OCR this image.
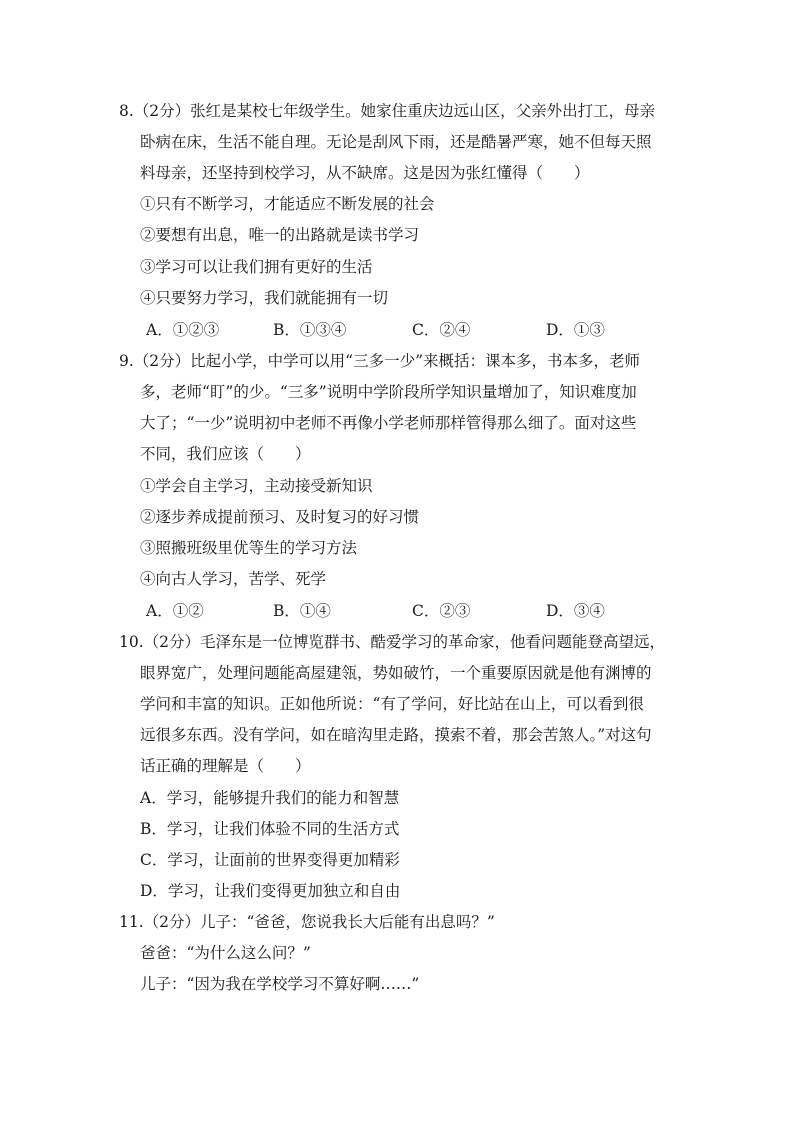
8.（2分）张红是某校七年级学生。她家住重庆边远山区，父亲外出打工，母亲
卧病在床，生活不能自理。无论是刮风下雨，还是酷暑严寒，她不但每天照
料母亲，还坚持到校学习，从不缺席。这是因为张红懂得（　　）
①只有不断学习，才能适应不断发展的社会
②要想有出息，唯一的出路就是读书学习
③学习可以让我们拥有更好的生活
④只要努力学习，我们就能拥有一切
A．①②③	B．①③④	C．②④	D．①③
9.（2分）比起小学，中学可以用“三多一少”来概括：课本多，书本多，老师
多，老师“盯”的少。“三多”说明中学阶段所学知识量增加了，知识难度加
大了；“一少”说明初中老师不再像小学老师那样管得那么细了。面对这些
不同，我们应该（　　）
①学会自主学习，主动接受新知识
②逐步养成提前预习、及时复习的好习惯
③照搬班级里优等生的学习方法
④向古人学习，苦学、死学
A．①②	B．①④	C．②③	D．③④
10.（2分）毛泽东是一位博览群书、酷爱学习的革命家，他看问题能登高望远，
眼界宽广，处理问题能高屋建瓴，势如破竹，一个重要原因就是他有渊博的
学问和丰富的知识。正如他所说：“有了学问，好比站在山上，可以看到很
远很多东西。没有学问，如在暗沟里走路，摸索不着，那会苦煞人。”对这句
话正确的理解是（　　）
A．学习，能够提升我们的能力和智慧
B．学习，让我们体验不同的生活方式
C．学习，让面前的世界变得更加精彩
D．学习，让我们变得更加独立和自由
11.（2分）儿子：“爸爸，您说我长大后能有出息吗？”
爸爸：“为什么这么问？”
儿子：“因为我在学校学习不算好啊……”
